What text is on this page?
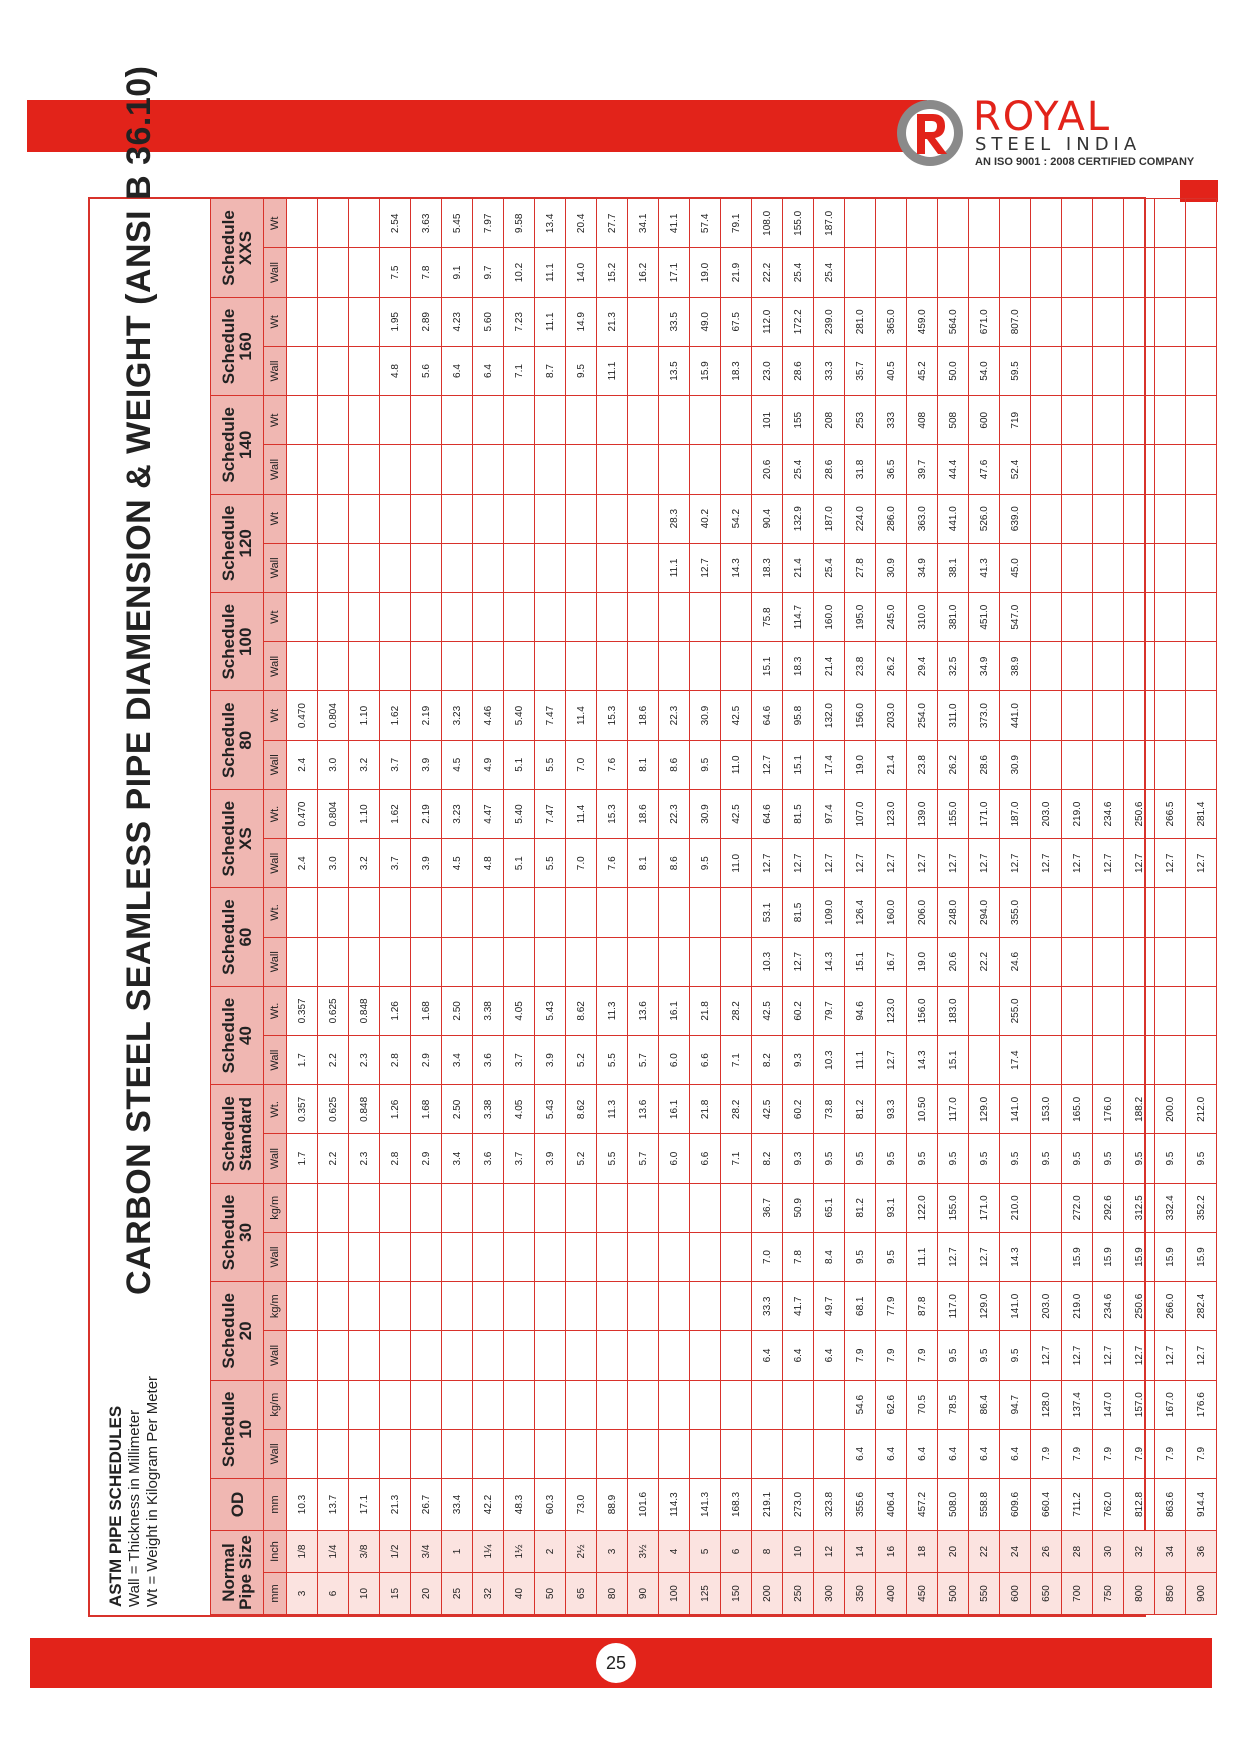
ROYAL
STEEL INDIA
AN ISO 9001 : 2008 CERTIFIED COMPANY
ASTM PIPE SCHEDULES Wall = Thickness in Millimeter Wt = Weight in Kilogram Per Meter
CARBON STEEL SEAMLESS PIPE DIAMENSION & WEIGHT (ANSI B 36.10)
Normal Pipe Size		OD	Schedule 10		Schedule 20		Schedule 30		Schedule Standard		Schedule 40		Schedule 60		Schedule XS		Schedule 80		Schedule 100		Schedule 120		Schedule 140		Schedule 160		Schedule XXS	
mm	Inch	mm	Wall	kg/m	Wall	kg/m	Wall	kg/m	Wall	Wt.	Wall	Wt.	Wall	Wt.	Wall	Wt.	Wall	Wt	Wall	Wt	Wall	Wt	Wall	Wt	Wall	Wt	Wall	Wt
3	1/8	10.3							1.7	0.357	1.7	0.357			2.4	0.470	2.4	0.470										
6	1/4	13.7							2.2	0.625	2.2	0.625			3.0	0.804	3.0	0.804										
10	3/8	17.1							2.3	0.848	2.3	0.848			3.2	1.10	3.2	1.10										
15	1/2	21.3							2.8	1.26	2.8	1.26			3.7	1.62	3.7	1.62							4.8	1.95	7.5	2.54
20	3/4	26.7							2.9	1.68	2.9	1.68			3.9	2.19	3.9	2.19							5.6	2.89	7.8	3.63
25	1	33.4							3.4	2.50	3.4	2.50			4.5	3.23	4.5	3.23							6.4	4.23	9.1	5.45
32	1¼	42.2							3.6	3.38	3.6	3.38			4.8	4.47	4.9	4.46							6.4	5.60	9.7	7.97
40	1½	48.3							3.7	4.05	3.7	4.05			5.1	5.40	5.1	5.40							7.1	7.23	10.2	9.58
50	2	60.3							3.9	5.43	3.9	5.43			5.5	7.47	5.5	7.47							8.7	11.1	11.1	13.4
65	2½	73.0							5.2	8.62	5.2	8.62			7.0	11.4	7.0	11.4							9.5	14.9	14.0	20.4
80	3	88.9							5.5	11.3	5.5	11.3			7.6	15.3	7.6	15.3							11.1	21.3	15.2	27.7
90	3½	101.6							5.7	13.6	5.7	13.6			8.1	18.6	8.1	18.6									16.2	34.1
100	4	114.3							6.0	16.1	6.0	16.1			8.6	22.3	8.6	22.3			11.1	28.3			13.5	33.5	17.1	41.1
125	5	141.3							6.6	21.8	6.6	21.8			9.5	30.9	9.5	30.9			12.7	40.2			15.9	49.0	19.0	57.4
150	6	168.3							7.1	28.2	7.1	28.2			11.0	42.5	11.0	42.5			14.3	54.2			18.3	67.5	21.9	79.1
200	8	219.1			6.4	33.3	7.0	36.7	8.2	42.5	8.2	42.5	10.3	53.1	12.7	64.6	12.7	64.6	15.1	75.8	18.3	90.4	20.6	101	23.0	112.0	22.2	108.0
250	10	273.0			6.4	41.7	7.8	50.9	9.3	60.2	9.3	60.2	12.7	81.5	12.7	81.5	15.1	95.8	18.3	114.7	21.4	132.9	25.4	155	28.6	172.2	25.4	155.0
300	12	323.8			6.4	49.7	8.4	65.1	9.5	73.8	10.3	79.7	14.3	109.0	12.7	97.4	17.4	132.0	21.4	160.0	25.4	187.0	28.6	208	33.3	239.0	25.4	187.0
350	14	355.6	6.4	54.6	7.9	68.1	9.5	81.2	9.5	81.2	11.1	94.6	15.1	126.4	12.7	107.0	19.0	156.0	23.8	195.0	27.8	224.0	31.8	253	35.7	281.0		
400	16	406.4	6.4	62.6	7.9	77.9	9.5	93.1	9.5	93.3	12.7	123.0	16.7	160.0	12.7	123.0	21.4	203.0	26.2	245.0	30.9	286.0	36.5	333	40.5	365.0		
450	18	457.2	6.4	70.5	7.9	87.8	11.1	122.0	9.5	10.50	14.3	156.0	19.0	206.0	12.7	139.0	23.8	254.0	29.4	310.0	34.9	363.0	39.7	408	45.2	459.0		
500	20	508.0	6.4	78.5	9.5	117.0	12.7	155.0	9.5	117.0	15.1	183.0	20.6	248.0	12.7	155.0	26.2	311.0	32.5	381.0	38.1	441.0	44.4	508	50.0	564.0		
550	22	558.8	6.4	86.4	9.5	129.0	12.7	171.0	9.5	129.0			22.2	294.0	12.7	171.0	28.6	373.0	34.9	451.0	41.3	526.0	47.6	600	54.0	671.0		
600	24	609.6	6.4	94.7	9.5	141.0	14.3	210.0	9.5	141.0	17.4	255.0	24.6	355.0	12.7	187.0	30.9	441.0	38.9	547.0	45.0	639.0	52.4	719	59.5	807.0		
650	26	660.4	7.9	128.0	12.7	203.0			9.5	153.0					12.7	203.0												
700	28	711.2	7.9	137.4	12.7	219.0	15.9	272.0	9.5	165.0					12.7	219.0												
750	30	762.0	7.9	147.0	12.7	234.6	15.9	292.6	9.5	176.0					12.7	234.6												
800	32	812.8	7.9	157.0	12.7	250.6	15.9	312.5	9.5	188.2					12.7	250.6												
850	34	863.6	7.9	167.0	12.7	266.0	15.9	332.4	9.5	200.0					12.7	266.5												
900	36	914.4	7.9	176.6	12.7	282.4	15.9	352.2	9.5	212.0					12.7	281.4												
25
